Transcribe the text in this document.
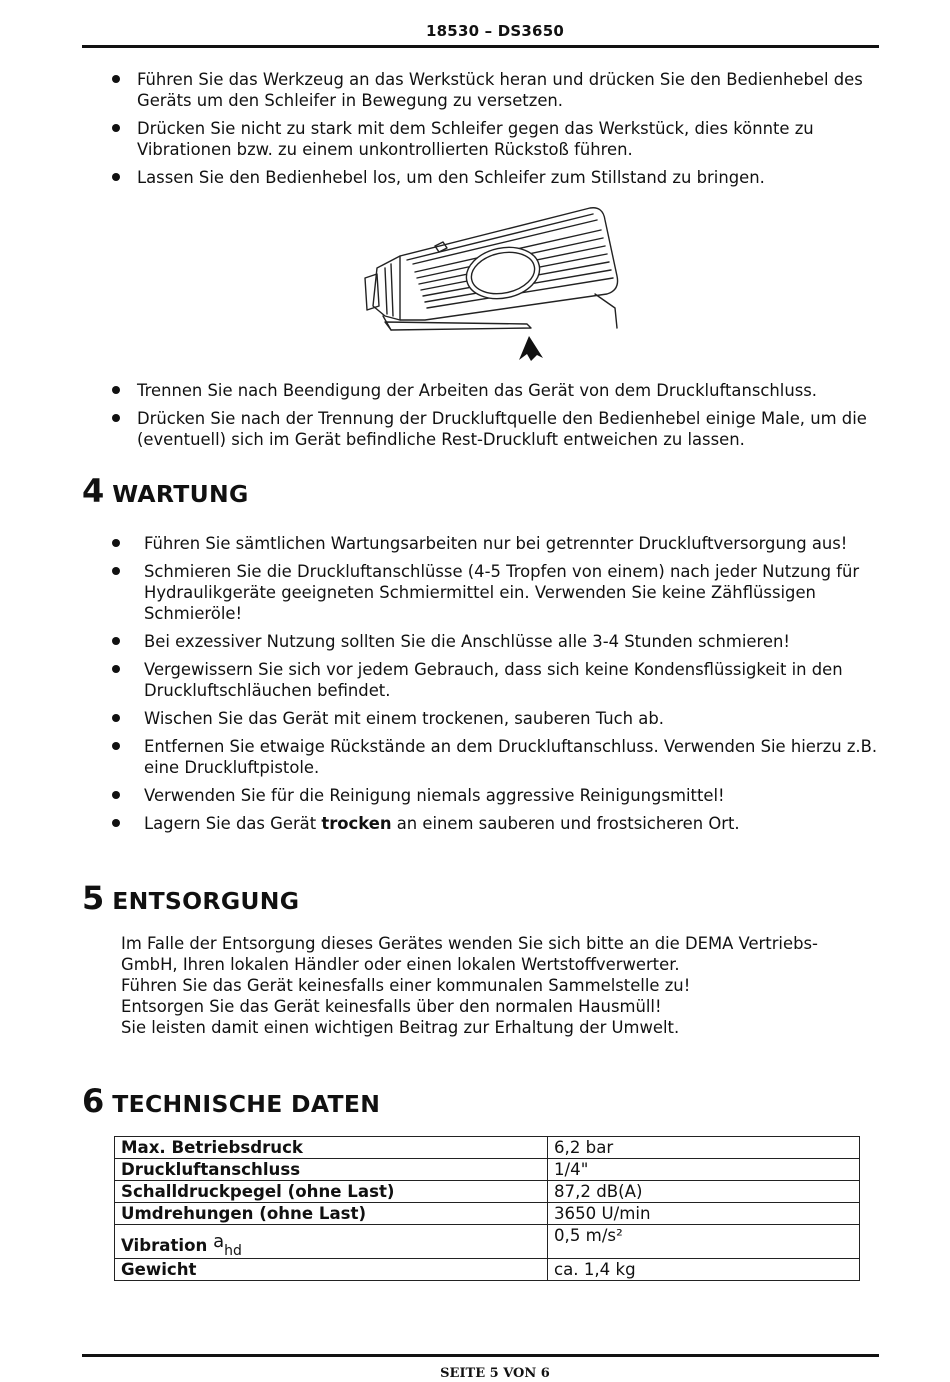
18530 – DS3650
Führen Sie das Werkzeug an das Werkstück heran und drücken Sie den Bedienhebel des Geräts um den Schleifer in Bewegung zu versetzen.
Drücken Sie nicht zu stark mit dem Schleifer gegen das Werkstück, dies könnte zu Vibrationen bzw. zu einem unkontrollierten Rückstoß führen.
Lassen Sie den Bedienhebel los, um den Schleifer zum Stillstand zu bringen.
Trennen Sie nach Beendigung der Arbeiten das Gerät von dem Druckluftanschluss.
Drücken Sie nach der Trennung der Druckluftquelle den Bedienhebel einige Male, um die (eventuell) sich im Gerät befindliche Rest-Druckluft entweichen zu lassen.
4 WARTUNG
Führen Sie sämtlichen Wartungsarbeiten nur bei getrennter Druckluftversorgung aus!
Schmieren Sie die Druckluftanschlüsse (4-5 Tropfen von einem) nach jeder Nutzung für Hydraulikgeräte geeigneten Schmiermittel ein. Verwenden Sie keine Zähflüssigen Schmieröle!
Bei exzessiver Nutzung sollten Sie die Anschlüsse alle 3-4 Stunden schmieren!
Vergewissern Sie sich vor jedem Gebrauch, dass sich keine Kondensflüssigkeit in den Druckluftschläuchen befindet.
Wischen Sie das Gerät mit einem trockenen, sauberen Tuch ab.
Entfernen Sie etwaige Rückstände an dem Druckluftanschluss. Verwenden Sie hierzu z.B. eine Druckluftpistole.
Verwenden Sie für die Reinigung niemals aggressive Reinigungsmittel!
Lagern Sie das Gerät trocken an einem sauberen und frostsicheren Ort.
5 ENTSORGUNG
Im Falle der Entsorgung dieses Gerätes wenden Sie sich bitte an die DEMA Vertriebs-
GmbH, Ihren lokalen Händler oder einen lokalen Wertstoffverwerter.
Führen Sie das Gerät keinesfalls einer kommunalen Sammelstelle zu!
Entsorgen Sie das Gerät keinesfalls über den normalen Hausmüll!
Sie leisten damit einen wichtigen Beitrag zur Erhaltung der Umwelt.
6 TECHNISCHE DATEN
Max. Betriebsdruck	6,2 bar
Druckluftanschluss	1/4"
Schalldruckpegel (ohne Last)	87,2 dB(A)
Umdrehungen (ohne Last)	3650 U/min
Vibration $a_{hd}$	0,5 m/s²
Gewicht	ca. 1,4 kg
SEITE 5 VON 6
